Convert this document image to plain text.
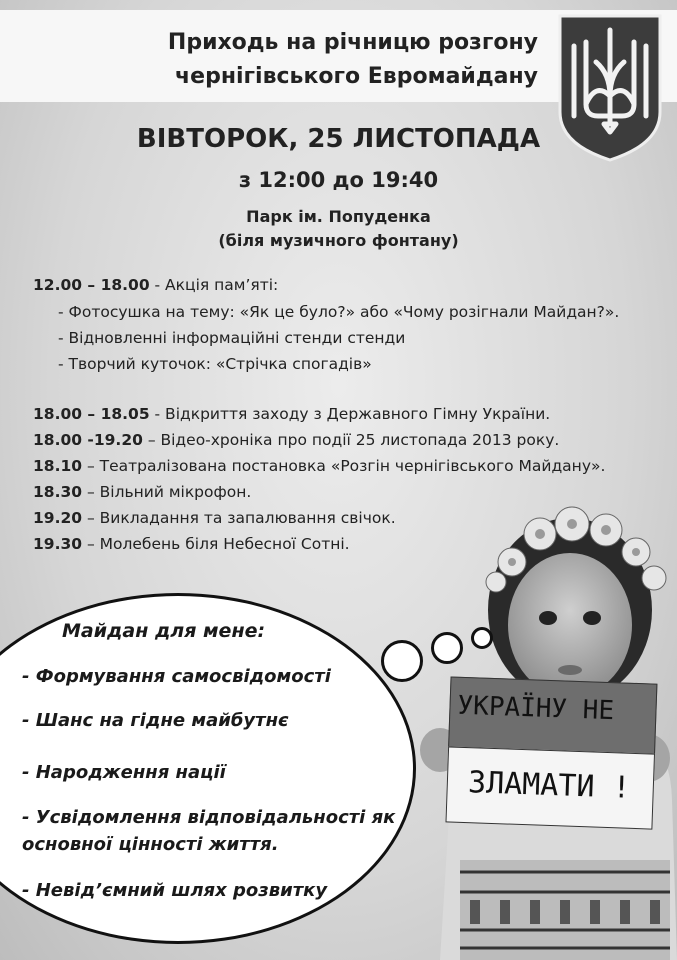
Приходь на річницю розгону
чернігівського Евромайдану
ВІВТОРОК, 25 ЛИСТОПАДА
з 12:00 до 19:40
Парк ім. Попуденка
(біля музичного фонтану)
12.00 – 18.00 - Акція пам’яті:
- Фотосушка на тему: «Як це було?» або «Чому розігнали Майдан?».
- Відновленні інформаційні стенди стенди
- Творчий куточок: «Стрічка спогадів»
18.00 – 18.05 - Відкриття заходу з Державного Гімну України.
18.00 -19.20 – Відео-хроніка про події 25 листопада 2013 року.
18.10 – Театралізована постановка «Розгін чернігівського Майдану».
18.30 – Вільний мікрофон.
19.20 – Викладання та запалювання свічок.
19.30 – Молебень біля Небесної Сотні.
УКРАЇНУ НЕ
ЗЛАМАТИ !
Майдан для мене:
- Формування самосвідомості
- Шанс на гідне майбутнє
- Народження нації
- Усвідомлення відповідальності як
основної цінності життя.
- Невід’ємний шлях розвитку
